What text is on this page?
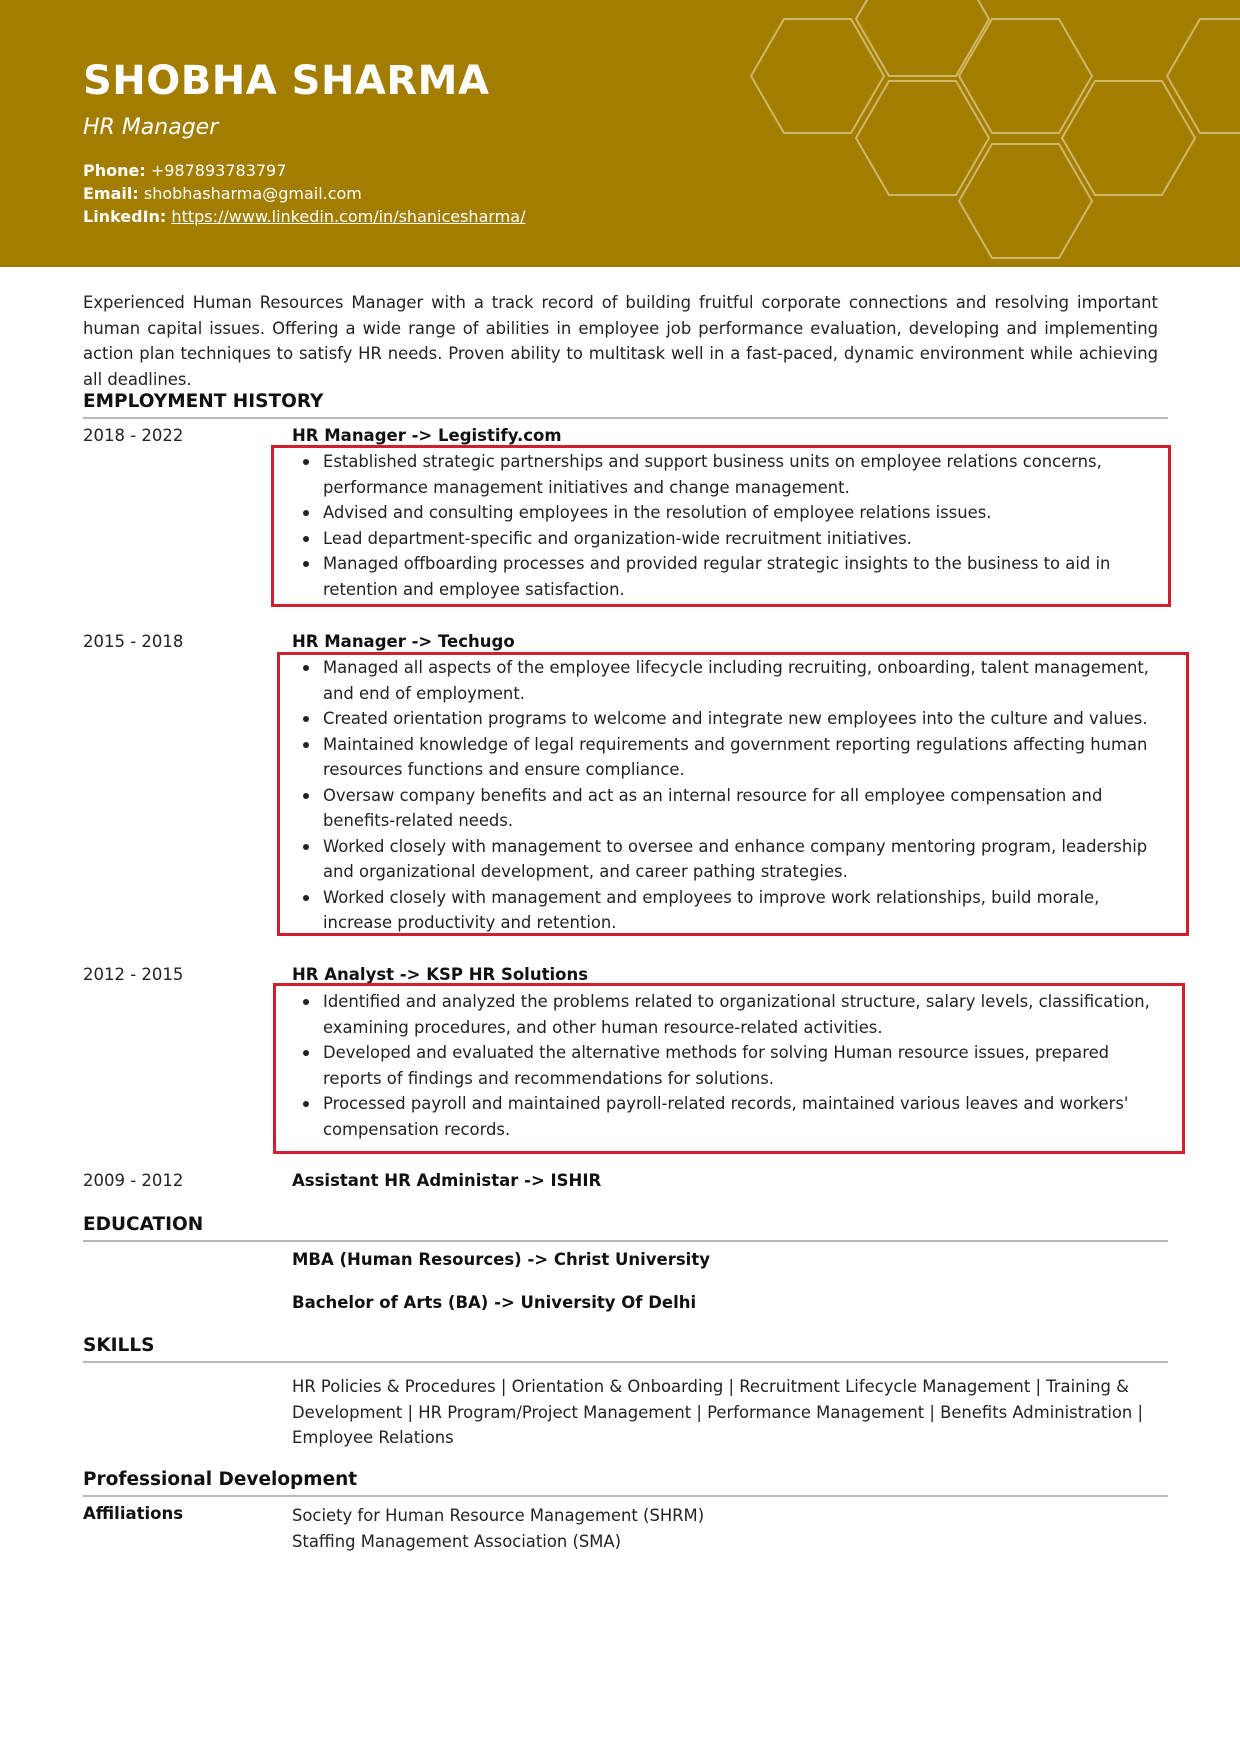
SHOBHA SHARMA
HR Manager
Phone: +987893783797
Email: shobhasharma@gmail.com
LinkedIn: https://www.linkedin.com/in/shanicesharma/
Experienced Human Resources Manager with a track record of building fruitful corporate connections and resolving important human capital issues. Offering a wide range of abilities in employee job performance evaluation, developing and implementing action plan techniques to satisfy HR needs. Proven ability to multitask well in a fast-paced, dynamic environment while achieving all deadlines.
EMPLOYMENT HISTORY
2018 - 2022	HR Manager -> Legistify.com
Established strategic partnerships and support business units on employee relations concerns, performance management initiatives and change management.
Advised and consulting employees in the resolution of employee relations issues.
Lead department-specific and organization-wide recruitment initiatives.
Managed offboarding processes and provided regular strategic insights to the business to aid in retention and employee satisfaction.
2015 - 2018	HR Manager -> Techugo
Managed all aspects of the employee lifecycle including recruiting, onboarding, talent management, and end of employment.
Created orientation programs to welcome and integrate new employees into the culture and values.
Maintained knowledge of legal requirements and government reporting regulations affecting human resources functions and ensure compliance.
Oversaw company benefits and act as an internal resource for all employee compensation and benefits-related needs.
Worked closely with management to oversee and enhance company mentoring program, leadership and organizational development, and career pathing strategies.
Worked closely with management and employees to improve work relationships, build morale, increase productivity and retention.
2012 - 2015	HR Analyst -> KSP HR Solutions
Identified and analyzed the problems related to organizational structure, salary levels, classification, examining procedures, and other human resource-related activities.
Developed and evaluated the alternative methods for solving Human resource issues, prepared reports of findings and recommendations for solutions.
Processed payroll and maintained payroll-related records, maintained various leaves and workers' compensation records.
2009 - 2012	Assistant HR Administar -> ISHIR
EDUCATION
MBA (Human Resources) -> Christ University
Bachelor of Arts (BA) -> University Of Delhi
SKILLS
HR Policies & Procedures | Orientation & Onboarding | Recruitment Lifecycle Management | Training & Development | HR Program/Project Management | Performance Management | Benefits Administration | Employee Relations
Professional Development
Affiliations	Society for Human Resource Management (SHRM)
Staffing Management Association (SMA)
